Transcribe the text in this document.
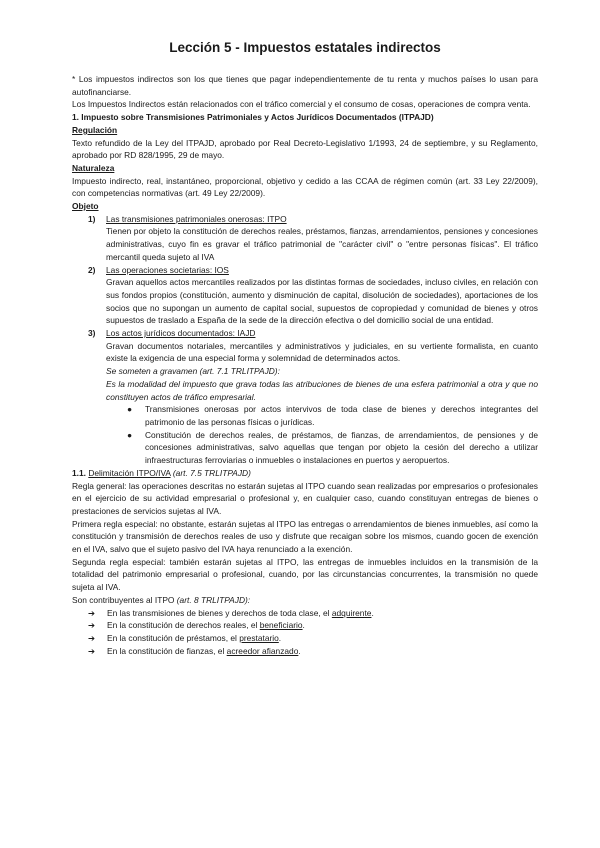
Lección 5 - Impuestos estatales indirectos

* Los impuestos indirectos son los que tienes que pagar independientemente de tu renta y muchos países lo usan para autofinanciarse.

Los Impuestos Indirectos están relacionados con el tráfico comercial y el consumo de cosas, operaciones de compra venta.

1. Impuesto sobre Transmisiones Patrimoniales y Actos Jurídicos Documentados (ITPAJD)

Regulación

Texto refundido de la Ley del ITPAJD, aprobado por Real Decreto-Legislativo 1/1993, 24 de septiembre, y su Reglamento, aprobado por RD 828/1995, 29 de mayo.

Naturaleza

Impuesto indirecto, real, instantáneo, proporcional, objetivo y cedido a las CCAA de régimen común (art. 33 Ley 22/2009), con competencias normativas (art. 49 Ley 22/2009).

Objeto

1)	Las transmisiones patrimoniales onerosas: ITPO

Tienen por objeto la constitución de derechos reales, préstamos, fianzas, arrendamientos, pensiones y concesiones administrativas, cuyo fin es gravar el tráfico patrimonial de "carácter civil" o "entre personas físicas". El tráfico mercantil queda sujeto al IVA

2)	Las operaciones societarias: IOS

Gravan aquellos actos mercantiles realizados por las distintas formas de sociedades, incluso civiles, en relación con sus fondos propios (constitución, aumento y disminución de capital, disolución de sociedades), aportaciones de los socios que no supongan un aumento de capital social, supuestos de copropiedad y comunidad de bienes y otros supuestos de traslado a España de la sede de la dirección efectiva o del domicilio social de una entidad.

3)	Los actos jurídicos documentados: IAJD

Gravan documentos notariales, mercantiles y administrativos y judiciales, en su vertiente formalista, en cuanto existe la exigencia de una especial forma y solemnidad de determinados actos.

Se someten a gravamen (art. 7.1 TRLITPAJD):

Es la modalidad del impuesto que grava todas las atribuciones de bienes de una esfera patrimonial a otra y que no constituyen actos de tráfico empresarial.

●	Transmisiones onerosas por actos intervivos de toda clase de bienes y derechos integrantes del patrimonio de las personas físicas o jurídicas.
●	Constitución de derechos reales, de préstamos, de fianzas, de arrendamientos, de pensiones y de concesiones administrativas, salvo aquellas que tengan por objeto la cesión del derecho a utilizar infraestructuras ferroviarias o inmuebles o instalaciones en puertos y aeropuertos.

1.1. Delimitación ITPO/IVA (art. 7.5 TRLITPAJD)

Regla general: las operaciones descritas no estarán sujetas al ITPO cuando sean realizadas por empresarios o profesionales en el ejercicio de su actividad empresarial o profesional y, en cualquier caso, cuando constituyan entregas de bienes o prestaciones de servicios sujetas al IVA.

Primera regla especial: no obstante, estarán sujetas al ITPO las entregas o arrendamientos de bienes inmuebles, así como la constitución y transmisión de derechos reales de uso y disfrute que recaigan sobre los mismos, cuando gocen de exención en el IVA, salvo que el sujeto pasivo del IVA haya renunciado a la exención.

Segunda regla especial: también estarán sujetas al ITPO, las entregas de inmuebles incluidos en la transmisión de la totalidad del patrimonio empresarial o profesional, cuando, por las circunstancias concurrentes, la transmisión no quede sujeta al IVA.

Son contribuyentes al ITPO (art. 8 TRLITPAJD):

➔	En las transmisiones de bienes y derechos de toda clase, el adquirente.
➔	En la constitución de derechos reales, el beneficiario.
➔	En la constitución de préstamos, el prestatario.
➔	En la constitución de fianzas, el acreedor afianzado.
